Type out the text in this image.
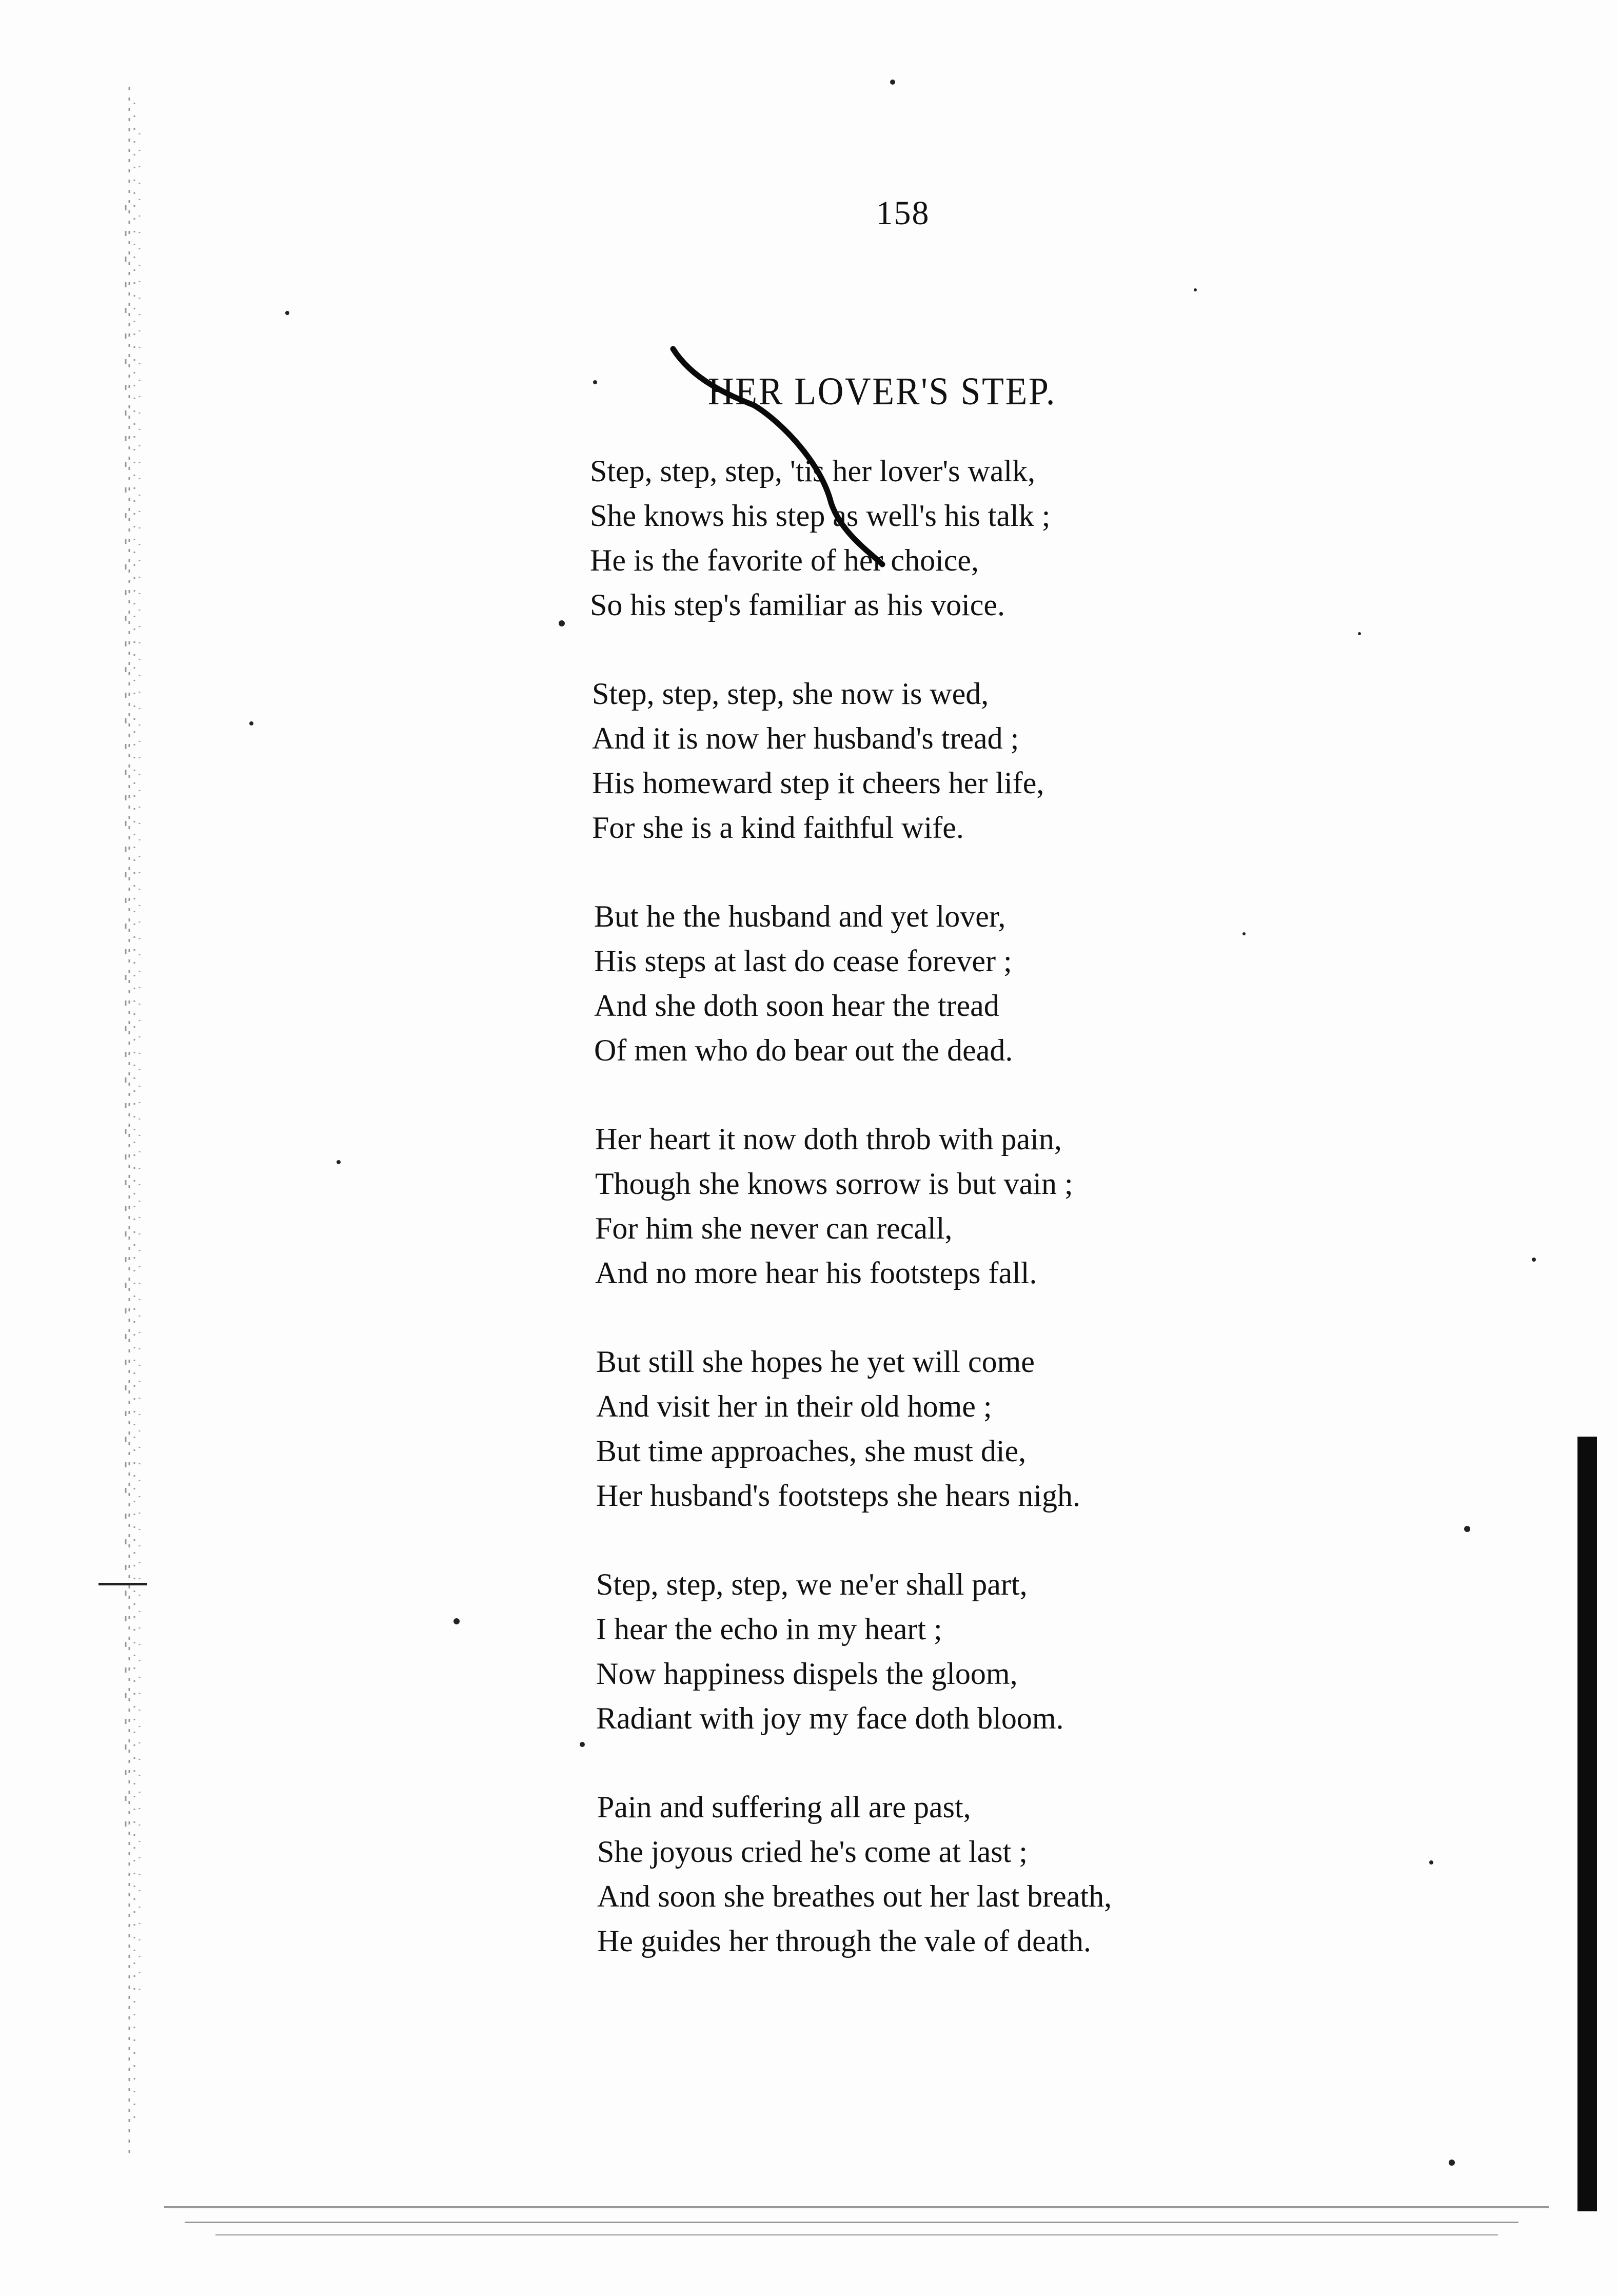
158
HER LOVER'S STEP.
Step, step, step, 'tis her lover's walk,
She knows his step as well's his talk ;
He is the favorite of her choice,
So his step's familiar as his voice.
Step, step, step, she now is wed,
And it is now her husband's tread ;
His homeward step it cheers her life,
For she is a kind faithful wife.
But he the husband and yet lover,
His steps at last do cease forever ;
And she doth soon hear the tread
Of men who do bear out the dead.
Her heart it now doth throb with pain,
Though she knows sorrow is but vain ;
For him she never can recall,
And no more hear his footsteps fall.
But still she hopes he yet will come
And visit her in their old home ;
But time approaches, she must die,
Her husband's footsteps she hears nigh.
Step, step, step, we ne'er shall part,
I hear the echo in my heart ;
Now happiness dispels the gloom,
Radiant with joy my face doth bloom.
Pain and suffering all are past,
She joyous cried he's come at last ;
And soon she breathes out her last breath,
He guides her through the vale of death.
